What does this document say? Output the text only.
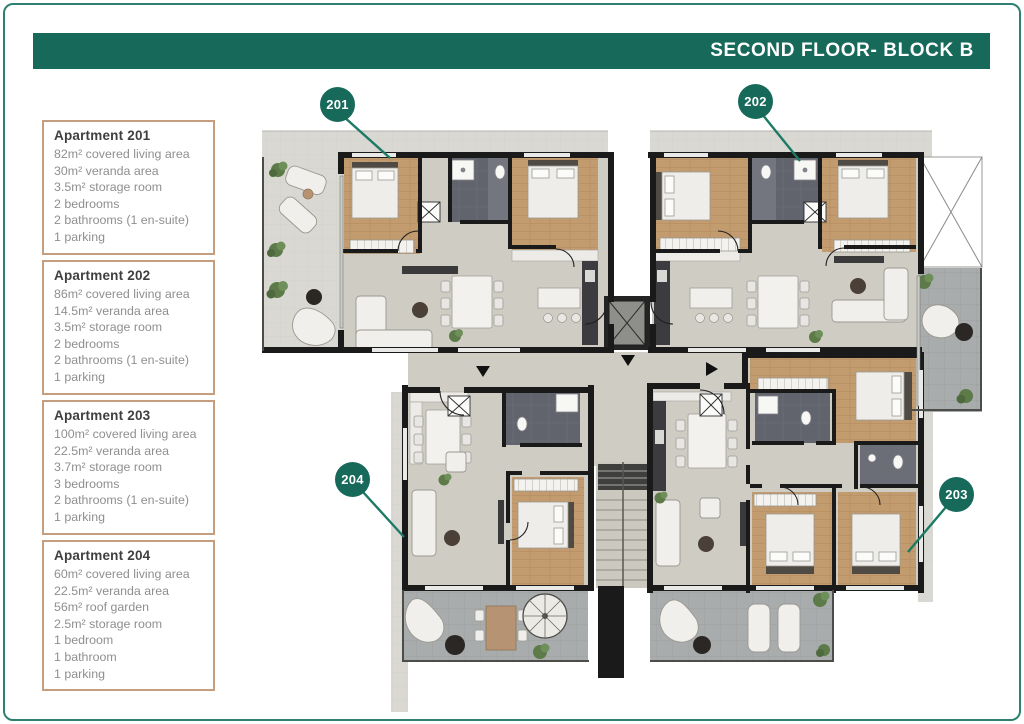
SECOND FLOOR- BLOCK B
Apartment 201
82m² covered living area
30m² veranda area
3.5m² storage room
2 bedrooms
2 bathrooms (1 en-suite)
1 parking
Apartment 202
86m² covered living area
14.5m² veranda area
3.5m² storage room
2 bedrooms
2 bathrooms (1 en-suite)
1 parking
Apartment 203
100m² covered living area
22.5m² veranda area
3.7m² storage room
3 bedrooms
2 bathrooms (1 en-suite)
1 parking
Apartment 204
60m² covered living area
22.5m² veranda area
56m² roof garden
2.5m² storage room
1 bedroom
1 bathroom
1 parking
201	202
204
203
